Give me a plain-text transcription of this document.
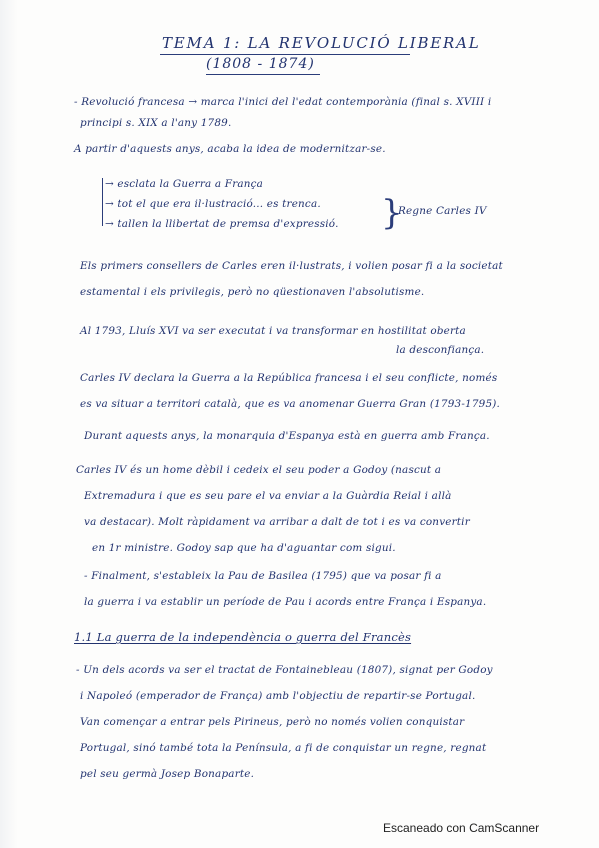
TEMA 1: LA REVOLUCIÓ LIBERAL
(1808 - 1874)
- Revolució francesa → marca l'inici del l'edat contemporània (final s. XVIII i
principi s. XIX a l'any 1789.
A partir d'aquests anys, acaba la idea de modernitzar-se.
→ esclata la Guerra a França
→ tot el que era il·lustració... es trenca.
→ tallen la llibertat de premsa d'expressió. }
Regne Carles IV
Els primers consellers de Carles eren il·lustrats, i volien posar fi a la societat
estamental i els privilegis, però no qüestionaven l'absolutisme.
Al 1793, Lluís XVI va ser executat i va transformar en hostilitat oberta
la desconfiança.
Carles IV declara la Guerra a la República francesa i el seu conflicte, només
es va situar a territori català, que es va anomenar Guerra Gran (1793-1795).
Durant aquests anys, la monarquia d'Espanya està en guerra amb França.
Carles IV és un home dèbil i cedeix el seu poder a Godoy (nascut a
Extremadura i que es seu pare el va enviar a la Guàrdia Reial i allà
va destacar). Molt ràpidament va arribar a dalt de tot i es va convertir
en 1r ministre. Godoy sap que ha d'aguantar com sigui.
- Finalment, s'estableix la Pau de Basilea (1795) que va posar fi a
la guerra i va establir un període de Pau i acords entre França i Espanya.
1.1 La guerra de la independència o guerra del Francès
- Un dels acords va ser el tractat de Fontainebleau (1807), signat per Godoy
i Napoleó (emperador de França) amb l'objectiu de repartir-se Portugal.
Van començar a entrar pels Pirineus, però no només volien conquistar
Portugal, sinó també tota la Península, a fi de conquistar un regne, regnat
pel seu germà Josep Bonaparte.
Escaneado con CamScanner
